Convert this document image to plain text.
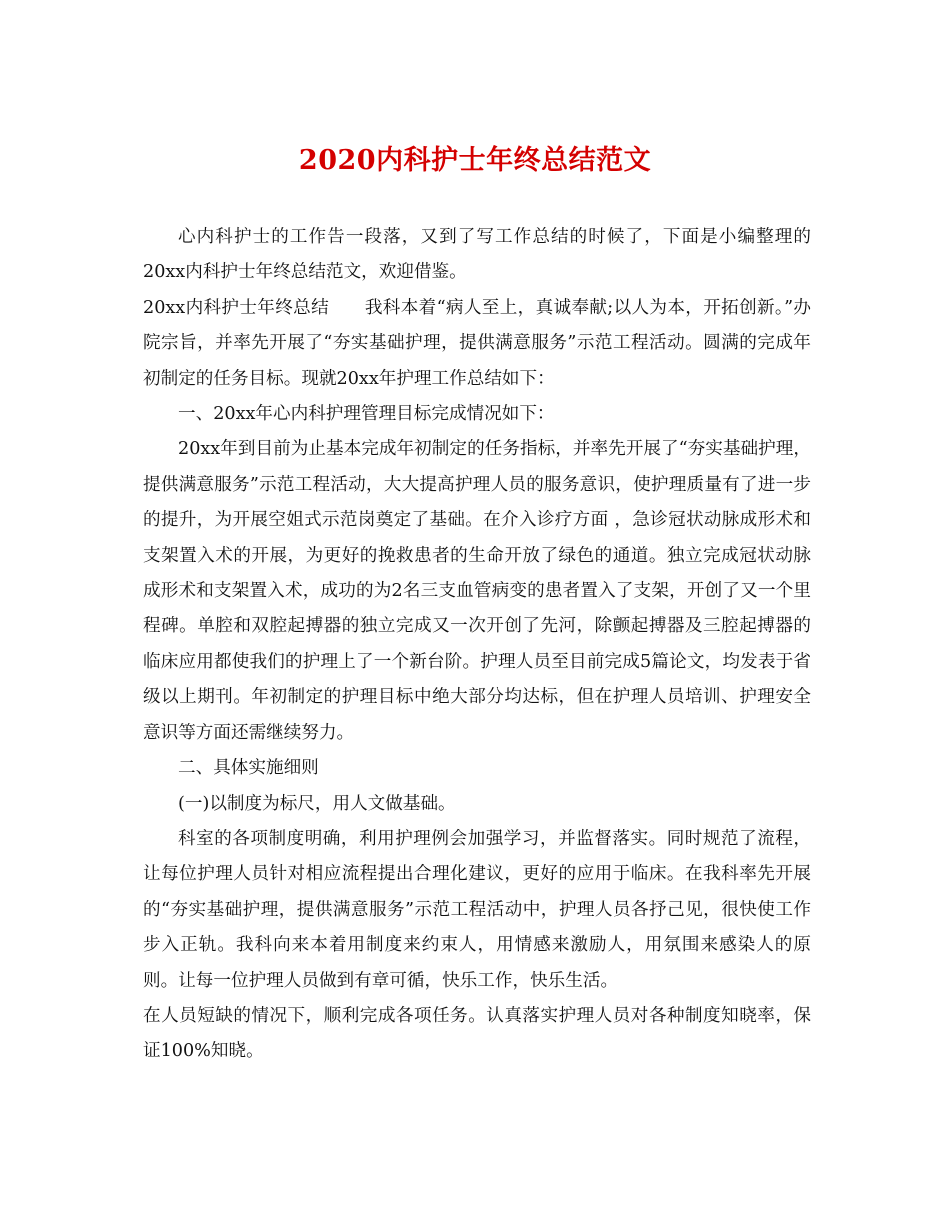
2020内科护士年终总结范文

心内科护士的工作告一段落，又到了写工作总结的时候了，下面是小编整理的20xx内科护士年终总结范文，欢迎借鉴。

20xx内科护士年终总结　　我科本着“病人至上，真诚奉献;以人为本，开拓创新。”办院宗旨，并率先开展了“夯实基础护理，提供满意服务”示范工程活动。圆满的完成年初制定的任务目标。现就20xx年护理工作总结如下：

一、20xx年心内科护理管理目标完成情况如下：

20xx年到目前为止基本完成年初制定的任务指标，并率先开展了“夯实基础护理，提供满意服务”示范工程活动，大大提高护理人员的服务意识，使护理质量有了进一步的提升，为开展空姐式示范岗奠定了基础。在介入诊疗方面 ，急诊冠状动脉成形术和支架置入术的开展，为更好的挽救患者的生命开放了绿色的通道。独立完成冠状动脉成形术和支架置入术，成功的为2名三支血管病变的患者置入了支架，开创了又一个里程碑。单腔和双腔起搏器的独立完成又一次开创了先河，除颤起搏器及三腔起搏器的临床应用都使我们的护理上了一个新台阶。护理人员至目前完成5篇论文，均发表于省级以上期刊。年初制定的护理目标中绝大部分均达标，但在护理人员培训、护理安全意识等方面还需继续努力。

二、具体实施细则

(一)以制度为标尺，用人文做基础。

科室的各项制度明确，利用护理例会加强学习，并监督落实。同时规范了流程，让每位护理人员针对相应流程提出合理化建议，更好的应用于临床。在我科率先开展的“夯实基础护理，提供满意服务”示范工程活动中，护理人员各抒己见，很快使工作步入正轨。我科向来本着用制度来约束人，用情感来激励人，用氛围来感染人的原则。让每一位护理人员做到有章可循，快乐工作，快乐生活。

在人员短缺的情况下，顺利完成各项任务。认真落实护理人员对各种制度知晓率，保证100%知晓。
